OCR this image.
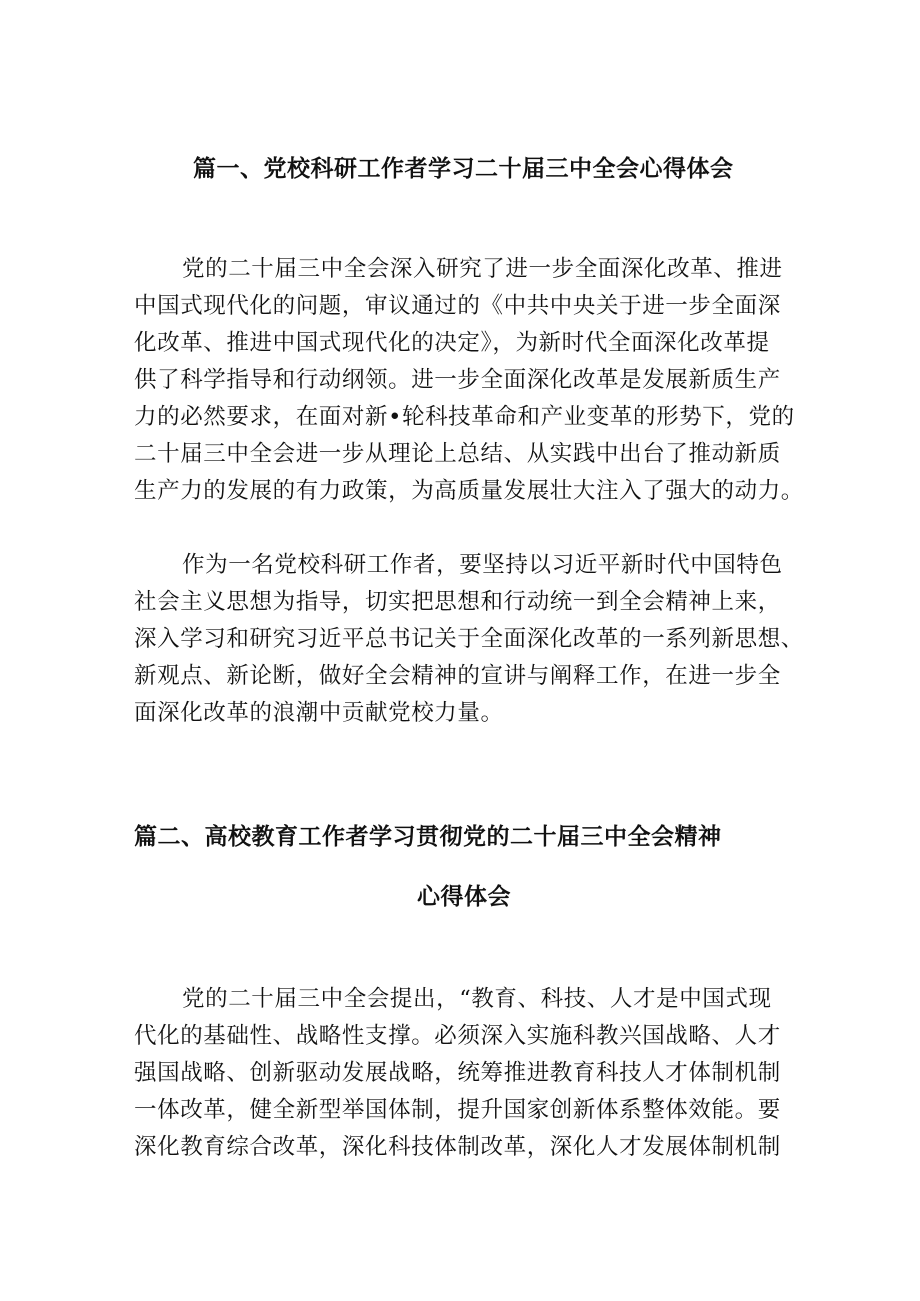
篇一、党校科研工作者学习二十届三中全会心得体会
党的二十届三中全会深入研究了进一步全面深化改革、推进
中国式现代化的问题，审议通过的《中共中央关于进一步全面深
化改革、推进中国式现代化的决定》，为新时代全面深化改革提
供了科学指导和行动纲领。进一步全面深化改革是发展新质生产
力的必然要求，在面对新•轮科技革命和产业变革的形势下，党的
二十届三中全会进一步从理论上总结、从实践中出台了推动新质
生产力的发展的有力政策，为高质量发展壮大注入了强大的动力。
作为一名党校科研工作者，要坚持以习近平新时代中国特色
社会主义思想为指导，切实把思想和行动统一到全会精神上来，
深入学习和研究习近平总书记关于全面深化改革的一系列新思想、
新观点、新论断，做好全会精神的宣讲与阐释工作，在进一步全
面深化改革的浪潮中贡献党校力量。
篇二、高校教育工作者学习贯彻党的二十届三中全会精神
心得体会
党的二十届三中全会提出，“教育、科技、人才是中国式现
代化的基础性、战略性支撑。必须深入实施科教兴国战略、人才
强国战略、创新驱动发展战略，统筹推进教育科技人才体制机制
一体改革，健全新型举国体制，提升国家创新体系整体效能。要
深化教育综合改革，深化科技体制改革，深化人才发展体制机制
